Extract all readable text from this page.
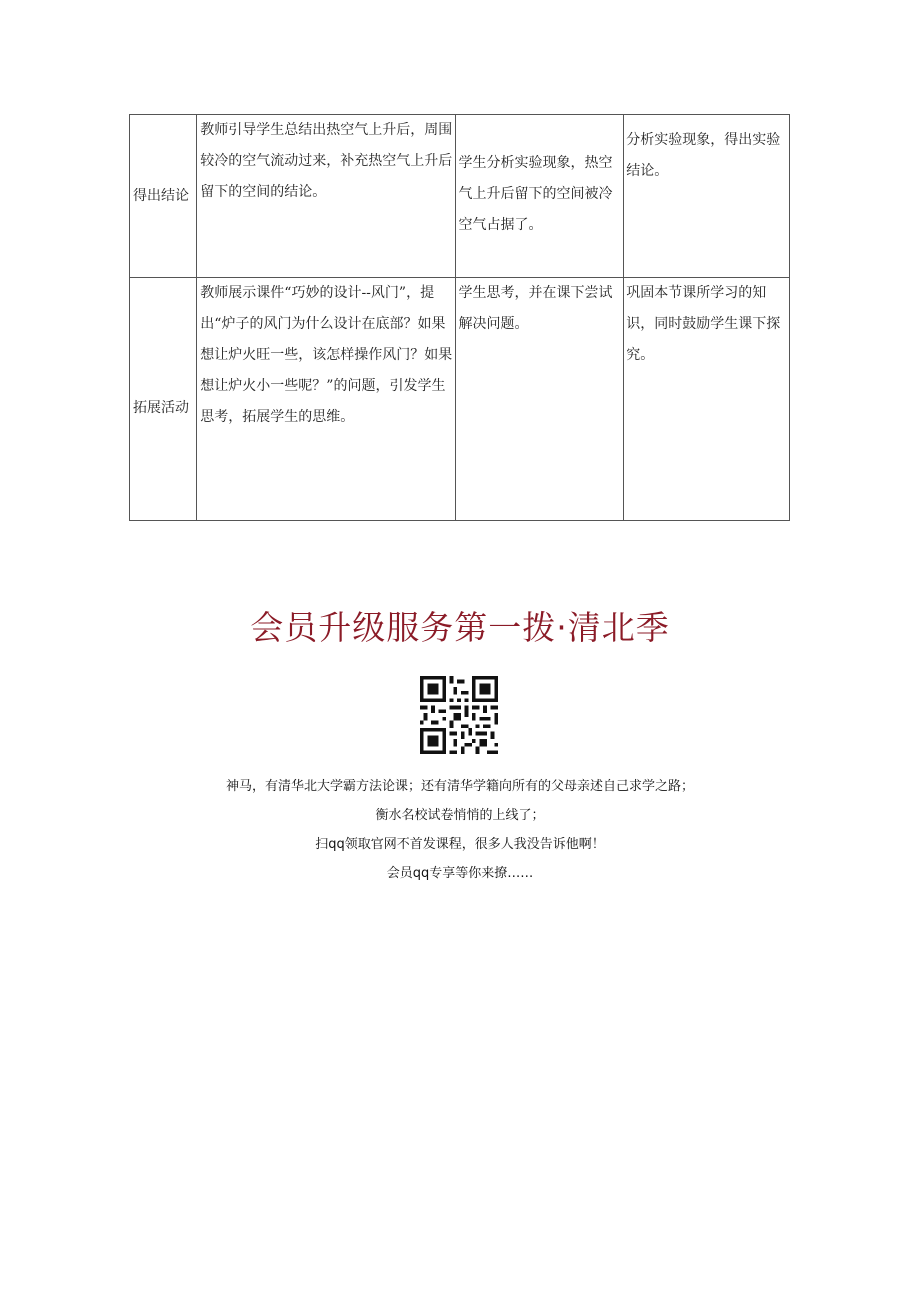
得出结论	教师引导学生总结出热空气上升后，周围较冷的空气流动过来，补充热空气上升后留下的空间的结论。	学生分析实验现象，热空气上升后留下的空间被冷空气占据了。	分析实验现象，得出实验结论。

拓展活动	教师展示课件“巧妙的设计--风门”，提出“炉子的风门为什么设计在底部？如果想让炉火旺一些，该怎样操作风门？如果想让炉火小一些呢？”的问题，引发学生思考，拓展学生的思维。	学生思考，并在课下尝试解决问题。	巩固本节课所学习的知识，同时鼓励学生课下探究。
会员升级服务第一拨·清北季
神马，有清华北大学霸方法论课；还有清华学籍向所有的父母亲述自己求学之路；
衡水名校试卷悄悄的上线了；
扫qq领取官网不首发课程，很多人我没告诉他啊！
会员qq专享等你来撩……
